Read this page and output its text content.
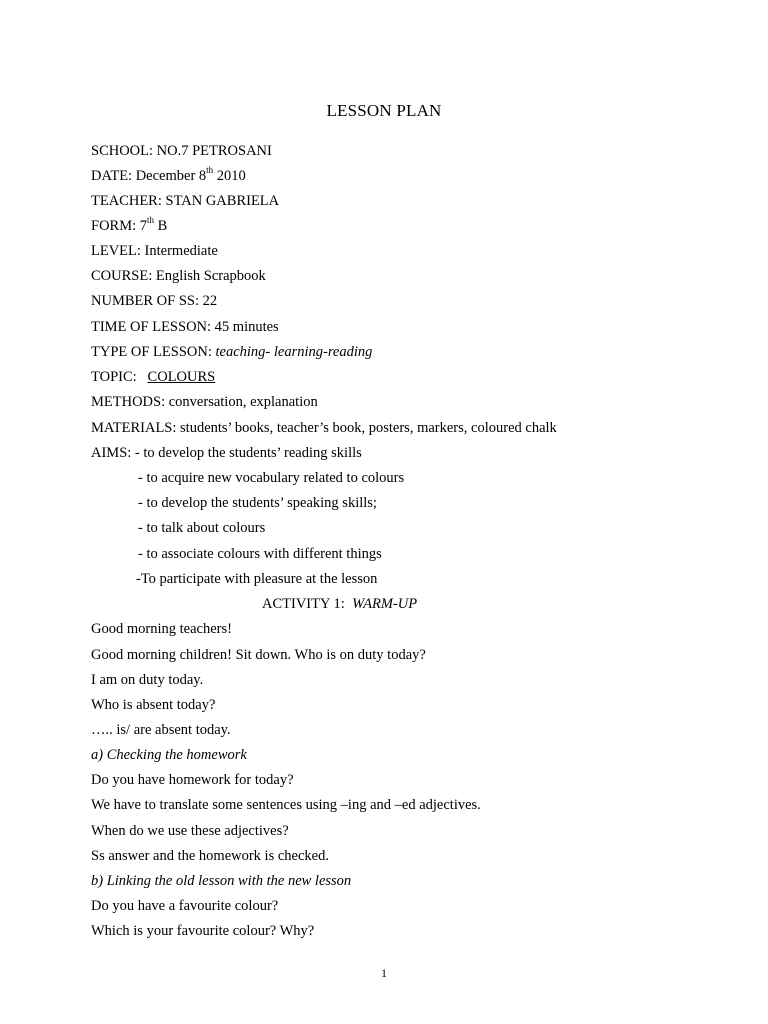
LESSON PLAN
SCHOOL: NO.7 PETROSANI
DATE: December 8th 2010
TEACHER: STAN GABRIELA
FORM: 7th B
LEVEL: Intermediate
COURSE: English Scrapbook
NUMBER OF SS: 22
TIME OF LESSON: 45 minutes
TYPE OF LESSON: teaching- learning-reading
TOPIC:   COLOURS
METHODS: conversation, explanation
MATERIALS: students’ books, teacher’s book, posters, markers, coloured chalk
AIMS: - to develop the students’ reading skills
- to acquire new vocabulary related to colours
- to develop the students’ speaking skills;
- to talk about colours
- to associate colours with different things
-To participate with pleasure at the lesson
ACTIVITY 1:  WARM-UP
Good morning teachers!
Good morning children! Sit down. Who is on duty today?
I am on duty today.
Who is absent today?
….. is/ are absent today.
a) Checking the homework
Do you have homework for today?
We have to translate some sentences using –ing and –ed adjectives.
When do we use these adjectives?
Ss answer and the homework is checked.
b) Linking the old lesson with the new lesson
Do you have a favourite colour?
Which is your favourite colour? Why?
1
